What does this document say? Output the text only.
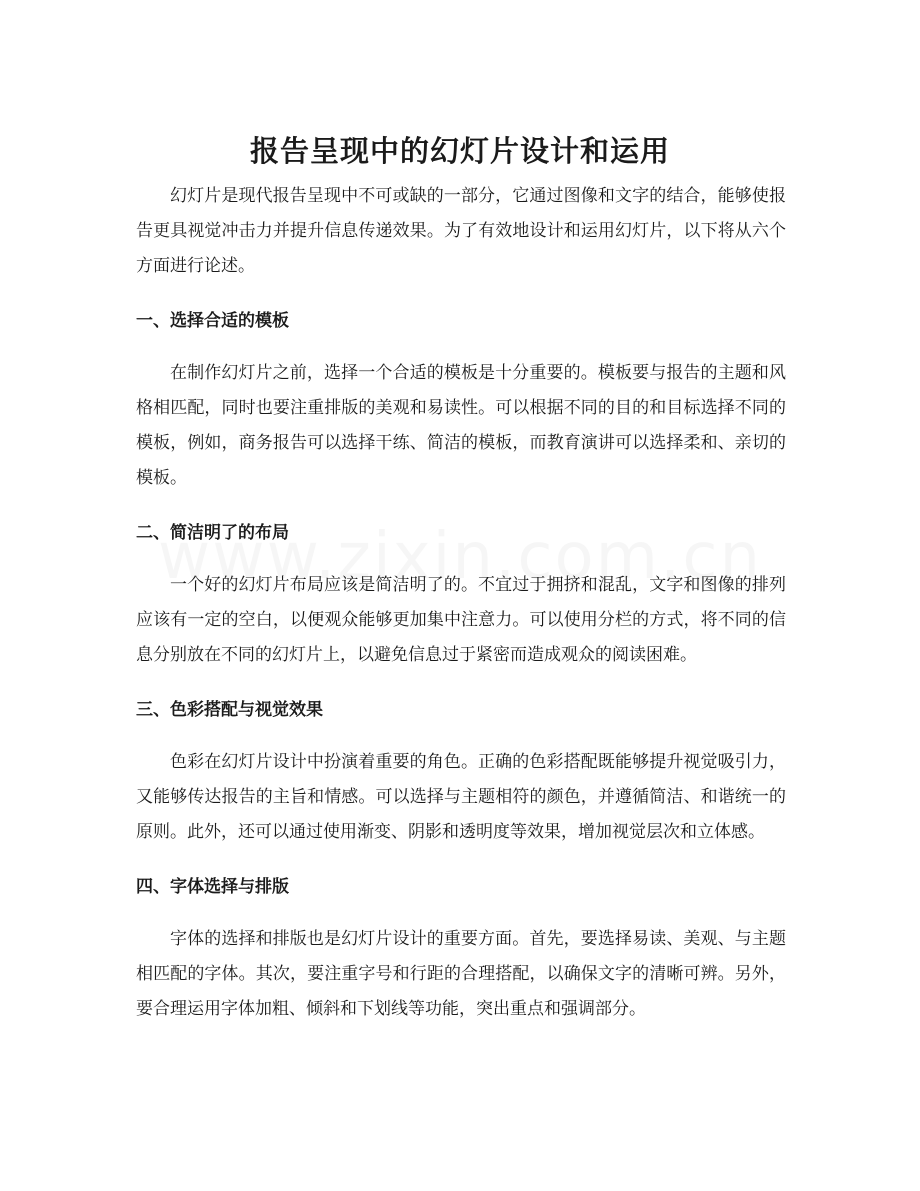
报告呈现中的幻灯片设计和运用

幻灯片是现代报告呈现中不可或缺的一部分，它通过图像和文字的结合，能够使报告更具视觉冲击力并提升信息传递效果。为了有效地设计和运用幻灯片，以下将从六个方面进行论述。

一、选择合适的模板

在制作幻灯片之前，选择一个合适的模板是十分重要的。模板要与报告的主题和风格相匹配，同时也要注重排版的美观和易读性。可以根据不同的目的和目标选择不同的模板，例如，商务报告可以选择干练、简洁的模板，而教育演讲可以选择柔和、亲切的模板。

二、简洁明了的布局

一个好的幻灯片布局应该是简洁明了的。不宜过于拥挤和混乱，文字和图像的排列应该有一定的空白，以便观众能够更加集中注意力。可以使用分栏的方式，将不同的信息分别放在不同的幻灯片上，以避免信息过于紧密而造成观众的阅读困难。

三、色彩搭配与视觉效果

色彩在幻灯片设计中扮演着重要的角色。正确的色彩搭配既能够提升视觉吸引力，又能够传达报告的主旨和情感。可以选择与主题相符的颜色，并遵循简洁、和谐统一的原则。此外，还可以通过使用渐变、阴影和透明度等效果，增加视觉层次和立体感。

四、字体选择与排版

字体的选择和排版也是幻灯片设计的重要方面。首先，要选择易读、美观、与主题相匹配的字体。其次，要注重字号和行距的合理搭配，以确保文字的清晰可辨。另外，要合理运用字体加粗、倾斜和下划线等功能，突出重点和强调部分。
